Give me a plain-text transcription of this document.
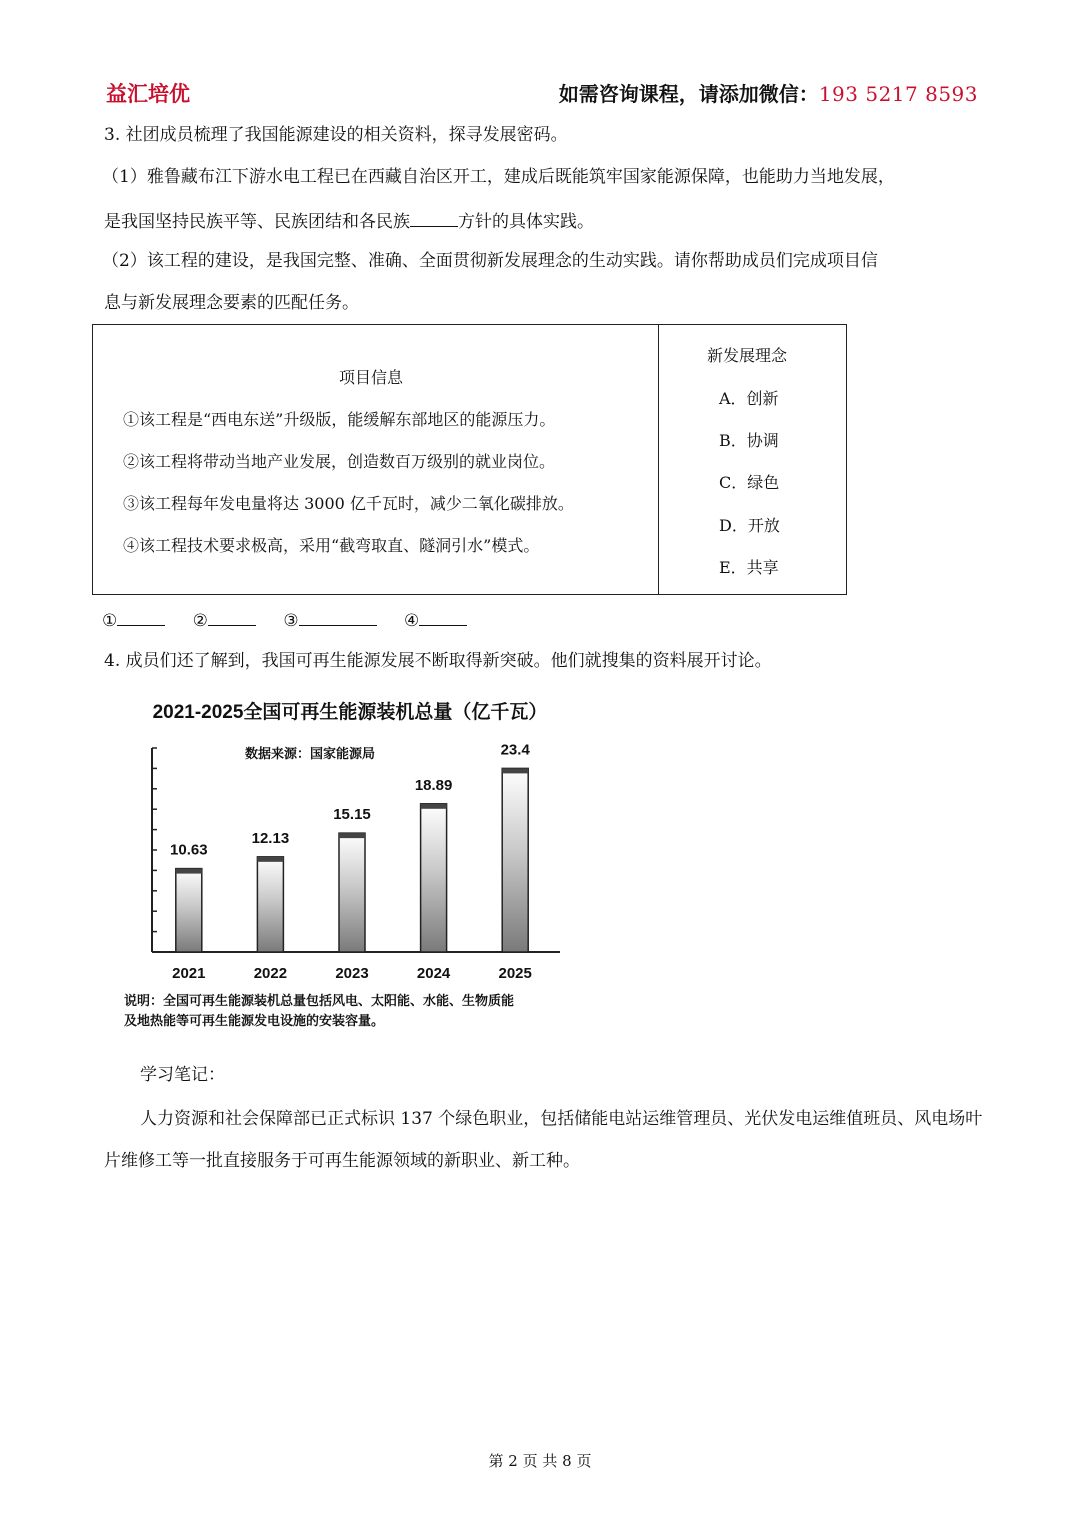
益汇培优	如需咨询课程，请添加微信：193 5217 8593
3. 社团成员梳理了我国能源建设的相关资料，探寻发展密码。
（1）雅鲁藏布江下游水电工程已在西藏自治区开工，建成后既能筑牢国家能源保障，也能助力当地发展，
是我国坚持民族平等、民族团结和各民族	方针的具体实践。
（2）该工程的建设，是我国完整、准确、全面贯彻新发展理念的生动实践。请你帮助成员们完成项目信
息与新发展理念要素的匹配任务。
项目信息
①该工程是“西电东送”升级版，能缓解东部地区的能源压力。
②该工程将带动当地产业发展，创造数百万级别的就业岗位。
③该工程每年发电量将达 3000 亿千瓦时，减少二氧化碳排放。
④该工程技术要求极高，采用“截弯取直、隧洞引水”模式。

新发展理念
A．创新
B．协调
C．绿色
D．开放
E．共享
①	②	③	④
4. 成员们还了解到，我国可再生能源发展不断取得新突破。他们就搜集的资料展开讨论。
2021-2025全国可再生能源装机总量（亿千瓦）
数据来源：国家能源局
10.63
2021
12.13
2022
15.15
2023
18.89
2024
23.4
2025
说明：全国可再生能源装机总量包括风电、太阳能、水能、生物质能
及地热能等可再生能源发电设施的安装容量。
学习笔记：
人力资源和社会保障部已正式标识 137 个绿色职业，包括储能电站运维管理员、光伏发电运维值班员、风电场叶片维修工等一批直接服务于可再生能源领域的新职业、新工种。
第 2 页 共 8 页
